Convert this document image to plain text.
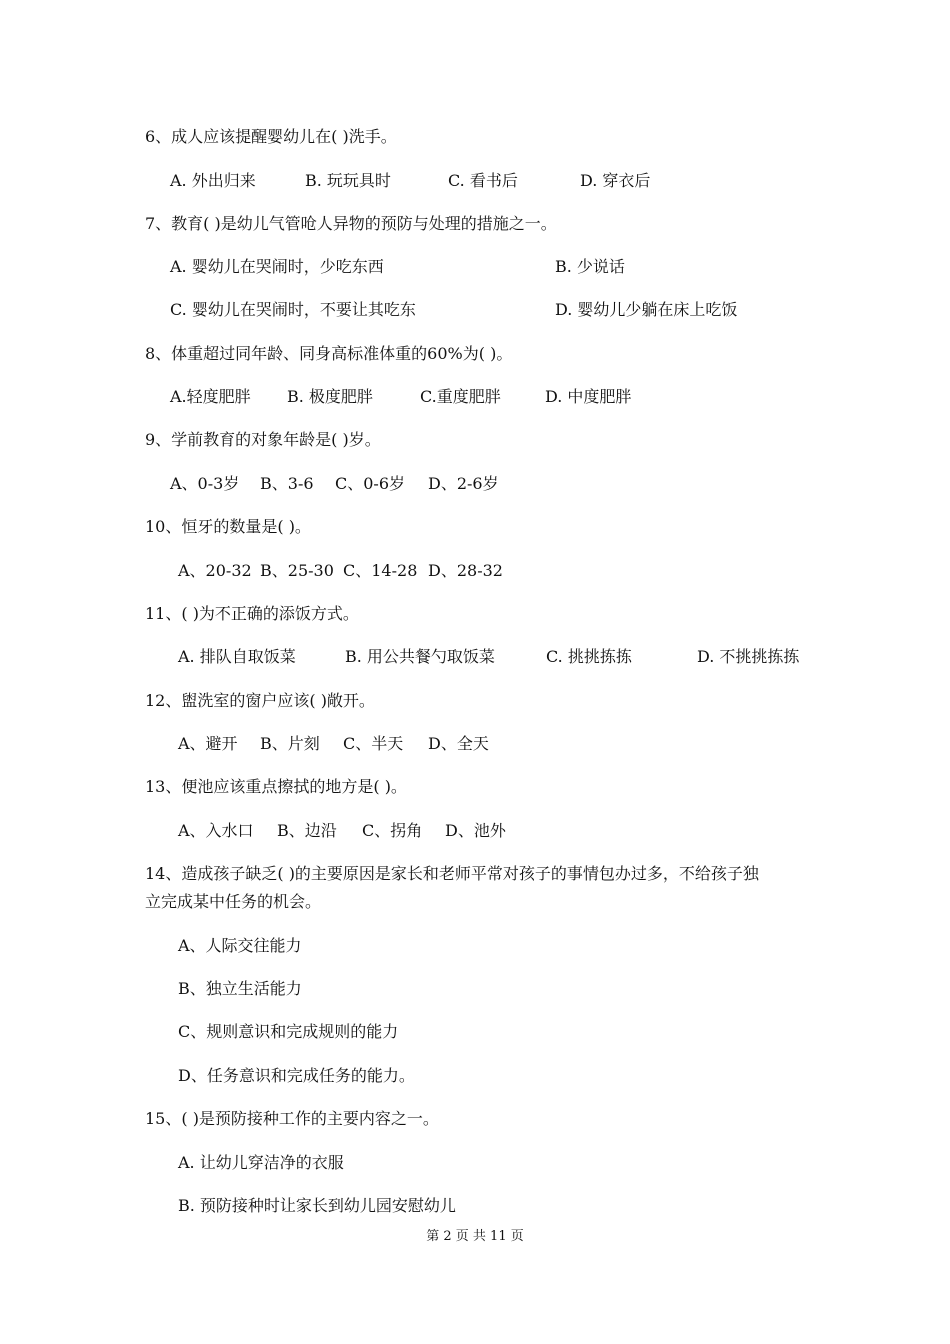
6、成人应该提醒婴幼儿在( )洗手。
A. 外出归来	B. 玩玩具时	C. 看书后	D. 穿衣后
7、教育( )是幼儿气管呛人异物的预防与处理的措施之一。
A. 婴幼儿在哭闹时，少吃东西	B. 少说话
C. 婴幼儿在哭闹时，不要让其吃东	D. 婴幼儿少躺在床上吃饭
8、体重超过同年龄、同身高标准体重的60%为( )。
A.轻度肥胖 B. 极度肥胖	C.重度肥胖	D. 中度肥胖
9、学前教育的对象年龄是( )岁。
A、0-3岁 B、3-6 C、0-6岁 D、2-6岁
10、恒牙的数量是( )。
A、20-32 B、25-30 C、14-28 D、28-32
11、( )为不正确的添饭方式。
A. 排队自取饭菜	B. 用公共餐勺取饭菜	C. 挑挑拣拣	D. 不挑挑拣拣
12、盥洗室的窗户应该( )敞开。
A、避开 B、片刻 C、半天 D、全天
13、便池应该重点擦拭的地方是( )。
A、入水口 B、边沿 C、拐角 D、池外
14、造成孩子缺乏( )的主要原因是家长和老师平常对孩子的事情包办过多，不给孩子独
立完成某中任务的机会。
A、人际交往能力
B、独立生活能力
C、规则意识和完成规则的能力
D、任务意识和完成任务的能力。
15、( )是预防接种工作的主要内容之一。
A. 让幼儿穿洁净的衣服
B. 预防接种时让家长到幼儿园安慰幼儿
第 2 页 共 11 页
